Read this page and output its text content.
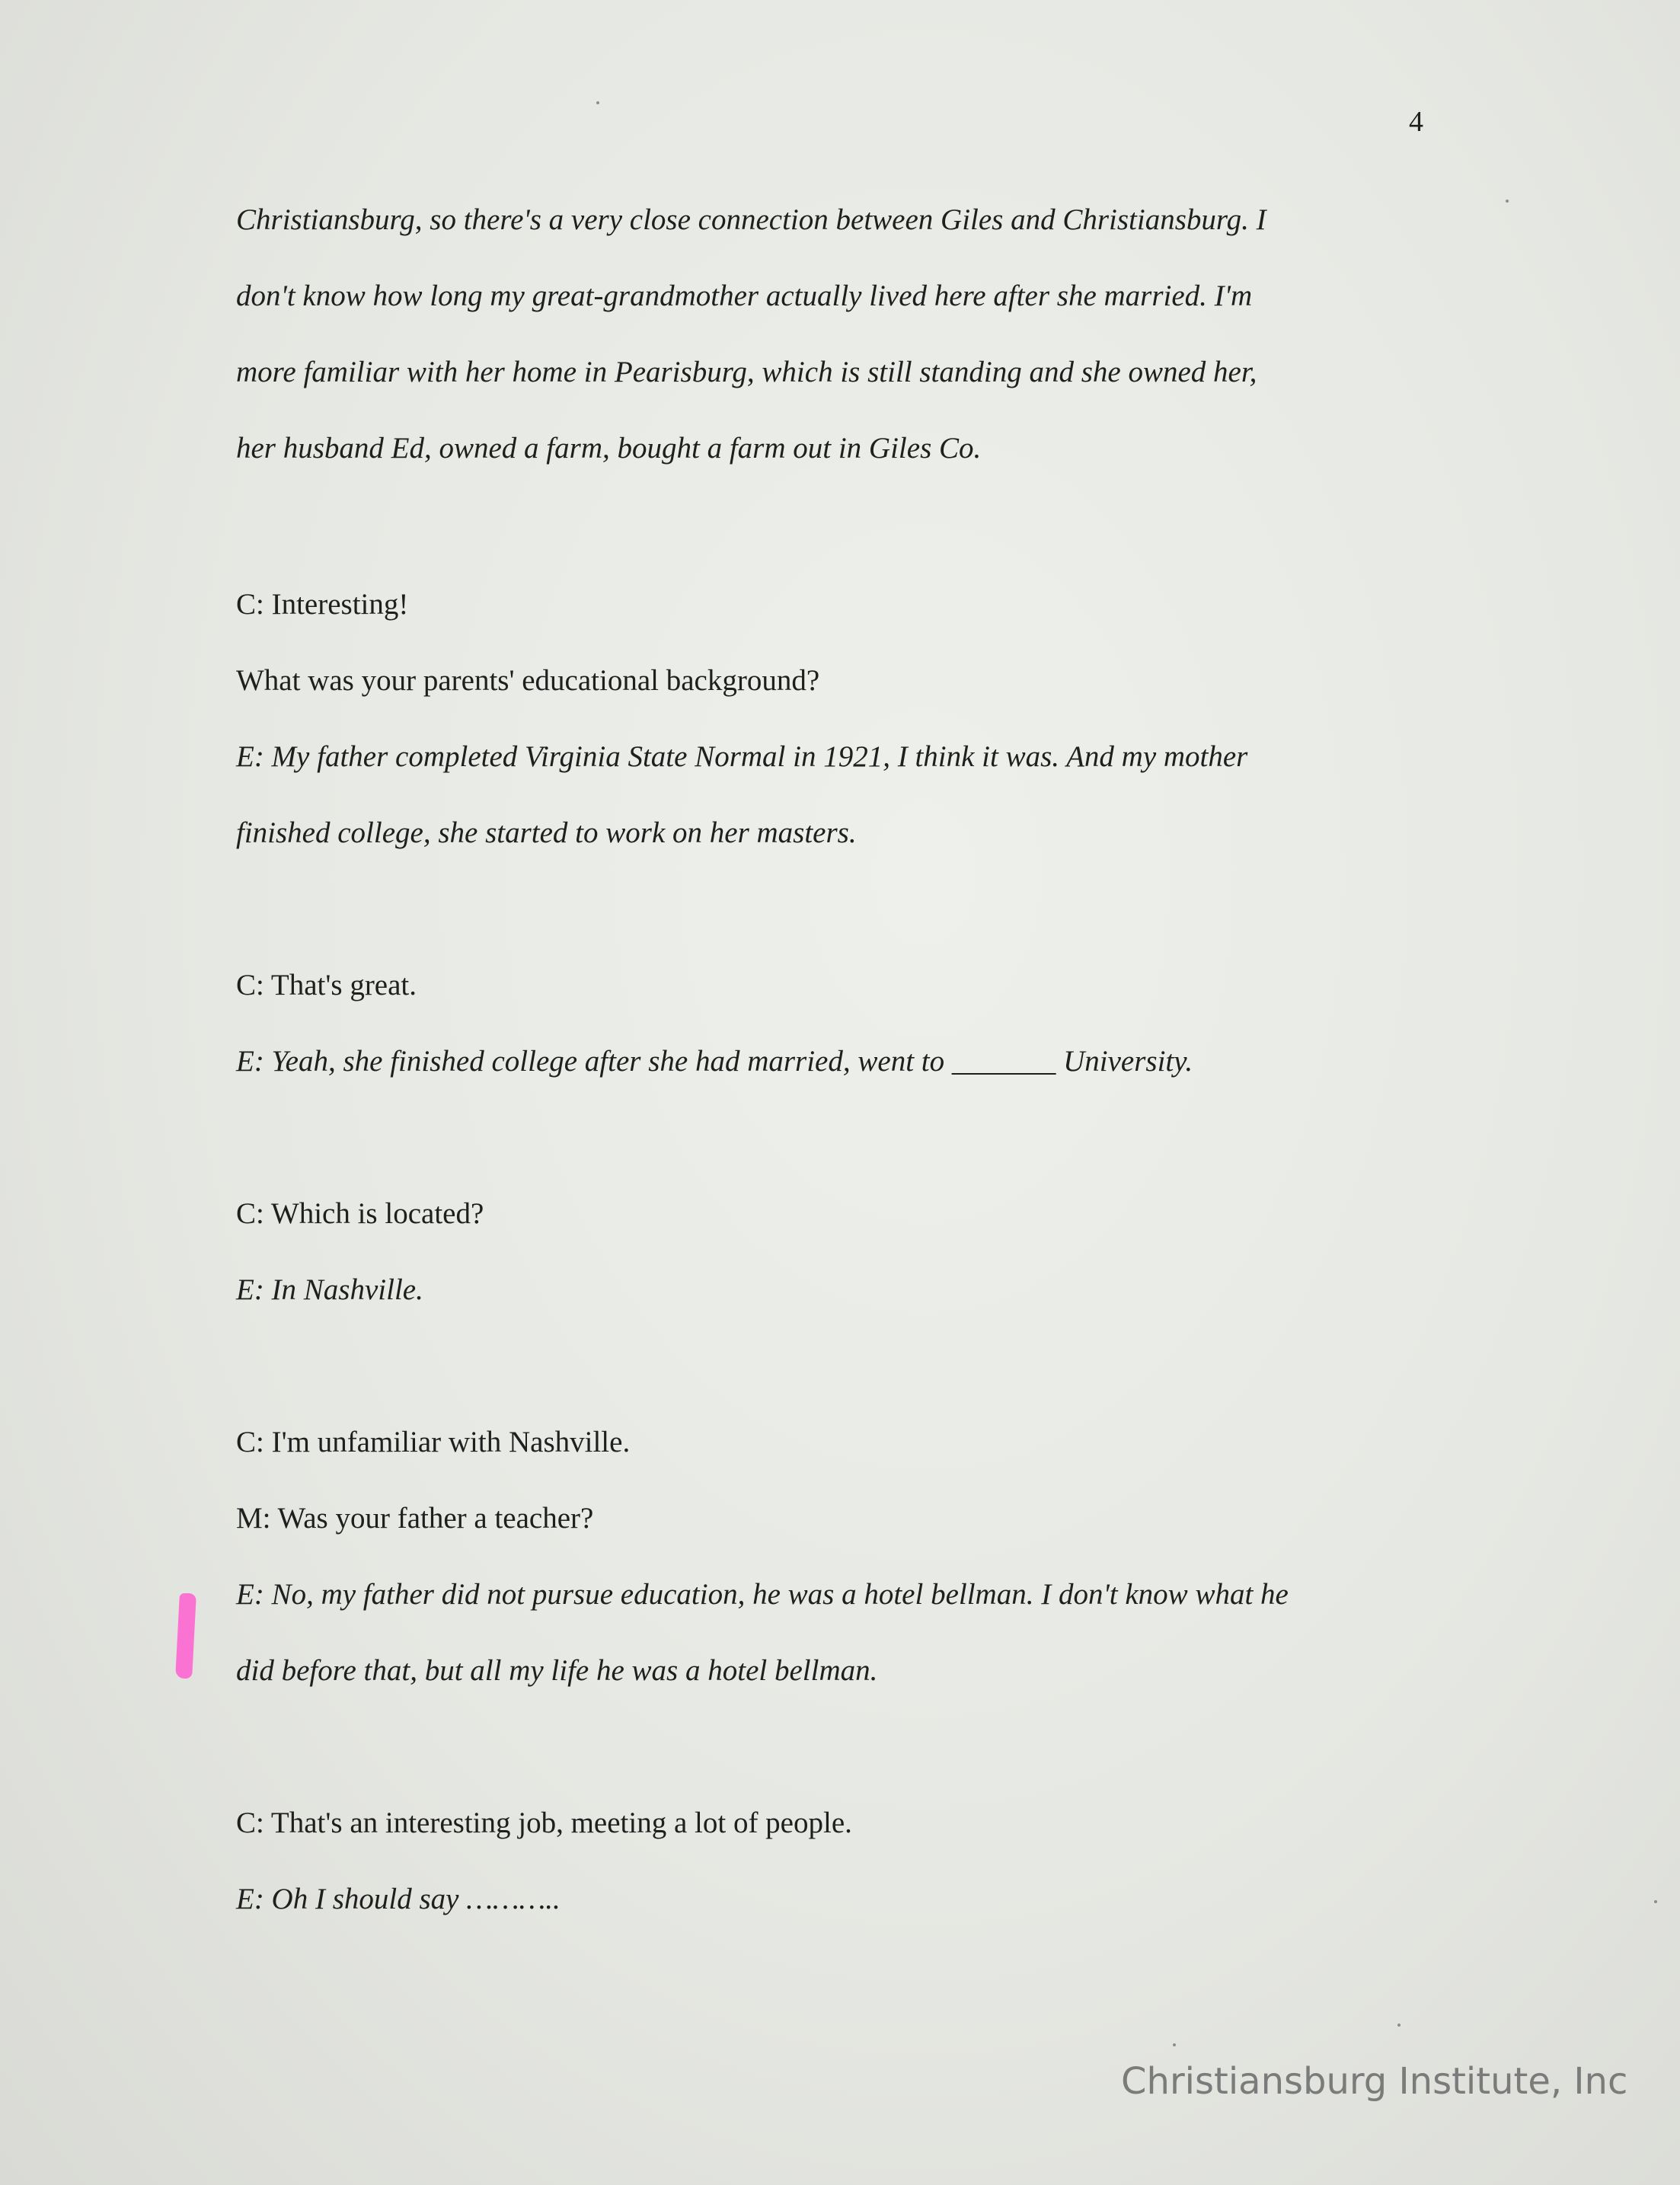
4
Christiansburg, so there's a very close connection between Giles and Christiansburg. I
don't know how long my great-grandmother actually lived here after she married. I'm
more familiar with her home in Pearisburg, which is still standing and she owned her,
her husband Ed, owned a farm, bought a farm out in Giles Co.
C: Interesting!
What was your parents' educational background?
E: My father completed Virginia State Normal in 1921, I think it was. And my mother
finished college, she started to work on her masters.
C: That's great.
E: Yeah, she finished college after she had married, went to _______ University.
C: Which is located?
E: In Nashville.
C: I'm unfamiliar with Nashville.
M: Was your father a teacher?
E: No, my father did not pursue education, he was a hotel bellman. I don't know what he
did before that, but all my life he was a hotel bellman.
C: That's an interesting job, meeting a lot of people.
E: Oh I should say ………..
Christiansburg Institute, Inc
